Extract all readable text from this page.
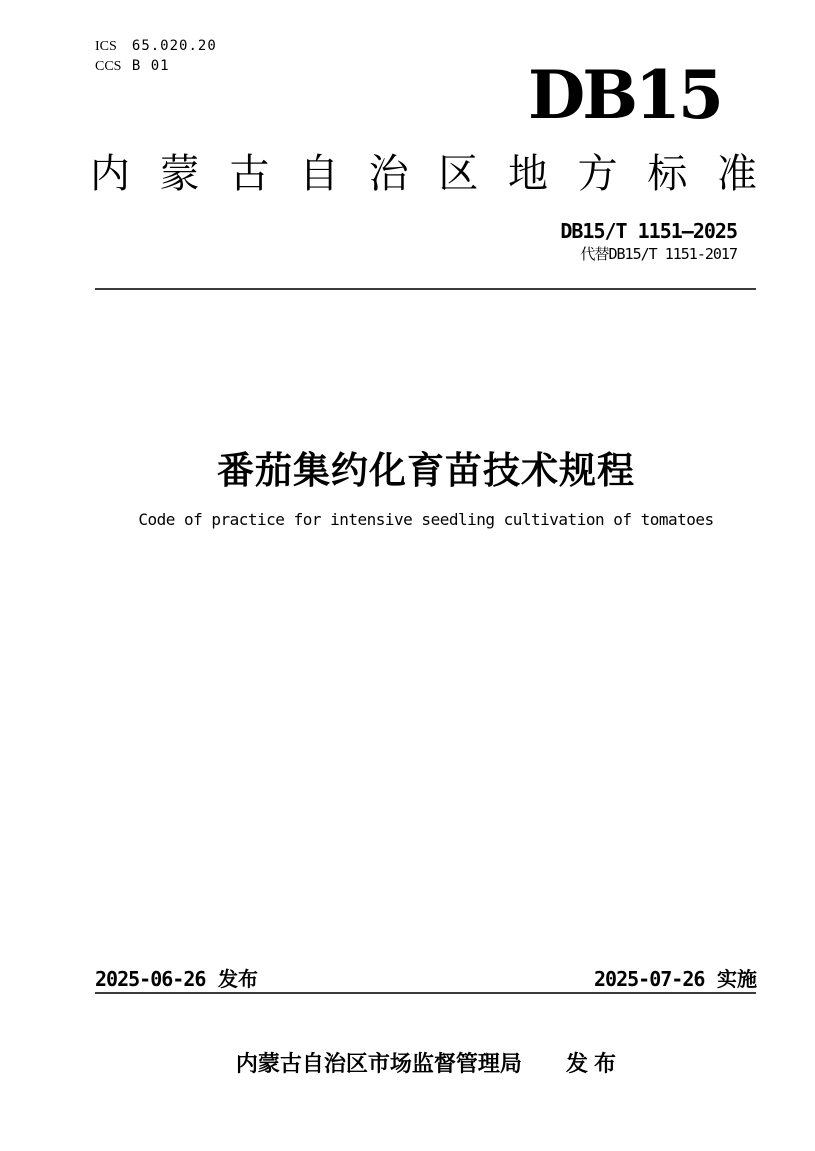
ICS 65.020.20
CCS B 01	DB15
内 蒙 古 自 治 区 地 方 标 准
DB15/T 1151—2025
代替DB15/T 1151-2017
番茄集约化育苗技术规程
Code of practice for intensive seedling cultivation of tomatoes
2025-06-26 发布	2025-07-26 实施
内蒙古自治区市场监督管理局 发 布
